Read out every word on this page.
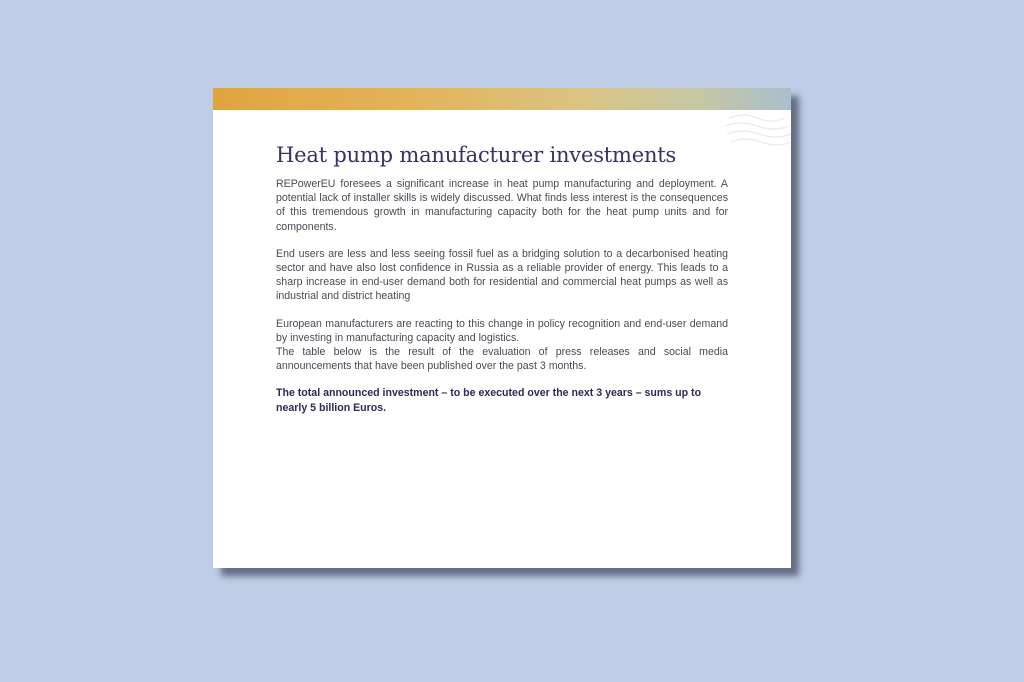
Heat pump manufacturer investments

REPowerEU foresees a significant increase in heat pump manufacturing and deployment. A potential lack of installer skills is widely discussed. What finds less interest is the consequences of this tremendous growth in manufacturing capacity both for the heat pump units and for components.

End users are less and less seeing fossil fuel as a bridging solution to a decarbonised heating sector and have also lost confidence in Russia as a reliable provider of energy. This leads to a sharp increase in end-user demand both for residential and commercial heat pumps as well as industrial and district heating

European manufacturers are reacting to this change in policy recognition and end-user demand by investing in manufacturing capacity and logistics.

The table below is the result of the evaluation of press releases and social media announcements that have been published over the past 3 months.

The total announced investment – to be executed over the next 3 years – sums up to nearly 5 billion Euros.
